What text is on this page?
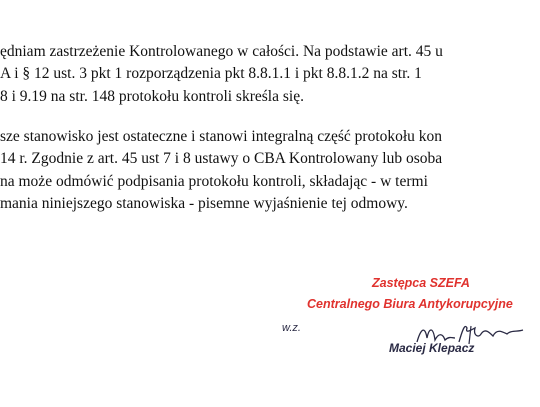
ędniam zastrzeżenie Kontrolowanego w całości. Na podstawie art. 45 u
A i § 12 ust. 3 pkt 1 rozporządzenia pkt 8.8.1.1 i pkt 8.8.1.2 na str. 1
8 i 9.19 na str. 148 protokołu kontroli skreśla się.
sze stanowisko jest ostateczne i stanowi integralną część protokołu kon
14 r. Zgodnie z art. 45 ust 7 i 8 ustawy o CBA Kontrolowany lub osoba
na może odmówić podpisania protokołu kontroli, składając - w termi
mania niniejszego stanowiska - pisemne wyjaśnienie tej odmowy.
Zastępca SZEFA
Centralnego Biura Antykorupcyjne
w.z.
Maciej Klepacz
